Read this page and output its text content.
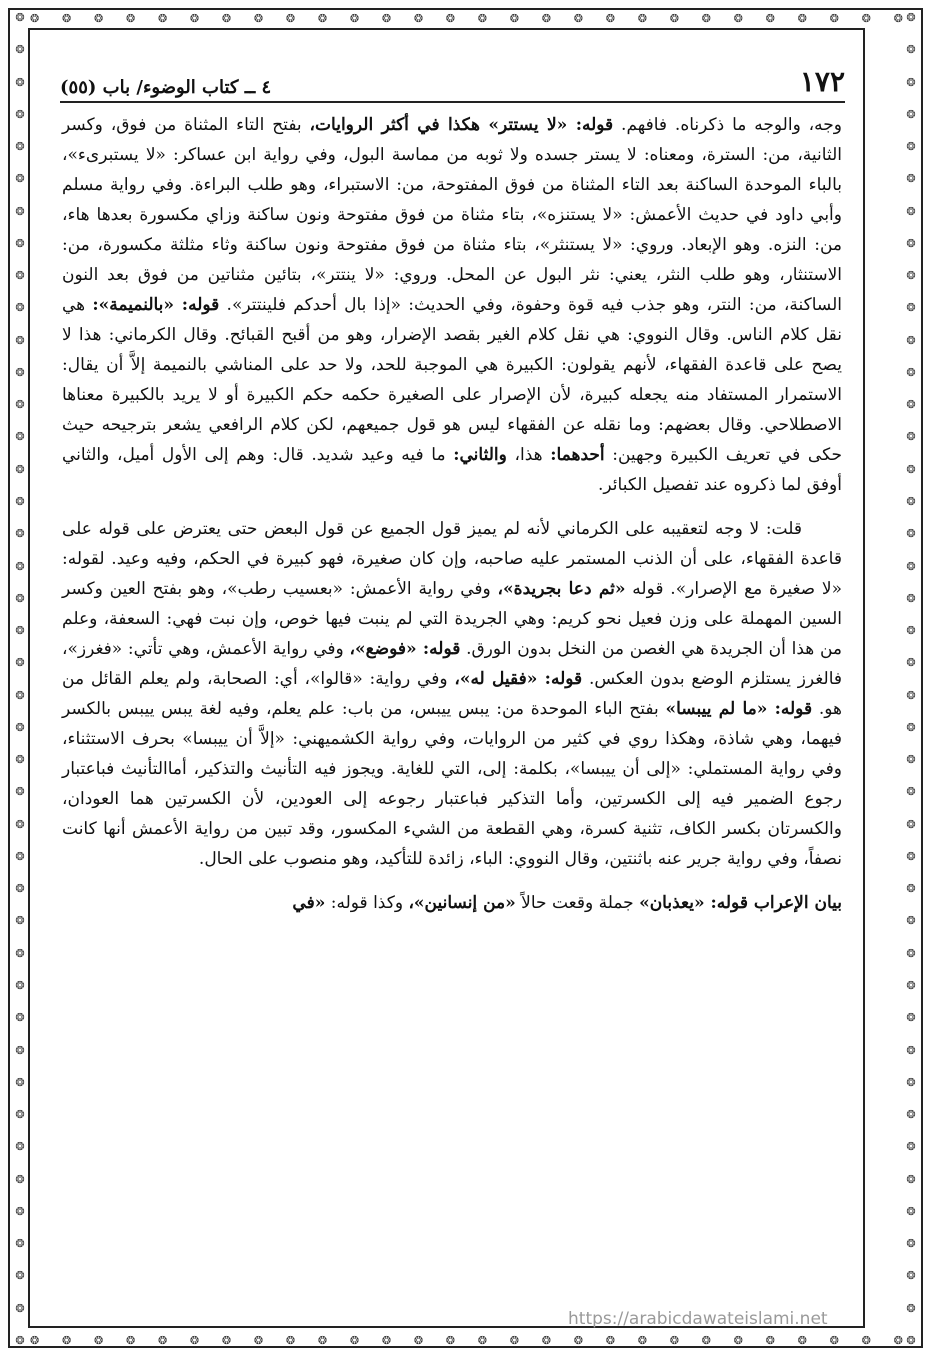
❂
❂
❂
❂
❂
❂
❂
❂
❂
❂
❂
❂
❂
❂
❂
❂
❂
❂
❂
❂
❂
❂
❂
❂
❂
❂
❂
❂
❂
❂
❂
❂
❂
❂
❂
❂
❂
❂
❂
❂
❂
❂
❂
❂
❂
❂
❂
❂
❂
❂
❂
❂
❂
❂
❂
❂
❂
❂
❂
❂
❂
❂
❂
❂
❂
❂
❂
❂
❂
❂
❂
❂
❂
❂
❂
❂
❂
❂
❂
❂
❂
❂
❂
❂
❂ ❂ ❂ ❂ ❂ ❂ ❂ ❂ ❂ ❂ ❂ ❂ ❂ ❂ ❂ ❂ ❂ ❂ ❂ ❂ ❂ ❂ ❂ ❂ ❂ ❂ ❂ ❂
❂ ❂ ❂ ❂ ❂ ❂ ❂ ❂ ❂ ❂ ❂ ❂ ❂ ❂ ❂ ❂ ❂ ❂ ❂ ❂ ❂ ❂ ❂ ❂ ❂ ❂ ❂ ❂
١٧٢
٤ ــ كتاب الوضوء/ باب (٥٥)

وجه، والوجه ما ذكرناه. فافهم. قوله: «لا يستتر» هكذا في أكثر الروايات، بفتح التاء المثناة من فوق، وكسر الثانية، من: السترة، ومعناه: لا يستر جسده ولا ثوبه من مماسة البول، وفي رواية ابن عساكر: «لا يستبرىء»، بالباء الموحدة الساكنة بعد التاء المثناة من فوق المفتوحة، من: الاستبراء، وهو طلب البراءة. وفي رواية مسلم وأبي داود في حديث الأعمش: «لا يستنزه»، بتاء مثناة من فوق مفتوحة ونون ساكنة وزاي مكسورة بعدها هاء، من: النزه. وهو الإبعاد. وروي: «لا يستنثر»، بتاء مثناة من فوق مفتوحة ونون ساكنة وثاء مثلثة مكسورة، من: الاستنثار، وهو طلب النثر، يعني: نثر البول عن المحل. وروي: «لا ينتتر»، بتائين مثناتين من فوق بعد النون الساكنة، من: النتر، وهو جذب فيه قوة وحفوة، وفي الحديث: «إذا بال أحدكم فلينتتر». قوله: «بالنميمة»: هي نقل كلام الناس. وقال النووي: هي نقل كلام الغير بقصد الإضرار، وهو من أقبح القبائح. وقال الكرماني: هذا لا يصح على قاعدة الفقهاء، لأنهم يقولون: الكبيرة هي الموجبة للحد، ولا حد على المناشي بالنميمة إلاَّ أن يقال: الاستمرار المستفاد منه يجعله كبيرة، لأن الإصرار على الصغيرة حكمه حكم الكبيرة أو لا يريد بالكبيرة معناها الاصطلاحي. وقال بعضهم: وما نقله عن الفقهاء ليس هو قول جميعهم، لكن كلام الرافعي يشعر بترجيحه حيث حكى في تعريف الكبيرة وجهين: أحدهما: هذا، والثاني: ما فيه وعيد شديد. قال: وهم إلى الأول أميل، والثاني أوفق لما ذكروه عند تفصيل الكبائر.

قلت: لا وجه لتعقيبه على الكرماني لأنه لم يميز قول الجميع عن قول البعض حتى يعترض على قوله على قاعدة الفقهاء، على أن الذنب المستمر عليه صاحبه، وإن كان صغيرة، فهو كبيرة في الحكم، وفيه وعيد. لقوله: «لا صغيرة مع الإصرار». قوله «ثم دعا بجريدة»، وفي رواية الأعمش: «بعسيب رطب»، وهو بفتح العين وكسر السين المهملة على وزن فعيل نحو كريم: وهي الجريدة التي لم ينبت فيها خوص، وإن نبت فهي: السعفة، وعلم من هذا أن الجريدة هي الغصن من النخل بدون الورق. قوله: «فوضع»، وفي رواية الأعمش، وهي تأتي: «فغرز»، فالغرز يستلزم الوضع بدون العكس. قوله: «فقيل له»، وفي رواية: «قالوا»، أي: الصحابة، ولم يعلم القائل من هو. قوله: «ما لم ييبسا» بفتح الباء الموحدة من: يبس ييبس، من باب: علم يعلم، وفيه لغة يبس ييبس بالكسر فيهما، وهي شاذة، وهكذا روي في كثير من الروايات، وفي رواية الكشميهني: «إلاَّ أن ييبسا» بحرف الاستثناء، وفي رواية المستملي: «إلى أن ييبسا»، بكلمة: إلى، التي للغاية. ويجوز فيه التأنيث والتذكير، أماالتأنيث فباعتبار رجوع الضمير فيه إلى الكسرتين، وأما التذكير فباعتبار رجوعه إلى العودين، لأن الكسرتين هما العودان، والكسرتان بكسر الكاف، تثنية كسرة، وهي القطعة من الشيء المكسور، وقد تبين من رواية الأعمش أنها كانت نصفاً، وفي رواية جرير عنه باثنتين، وقال النووي: الباء، زائدة للتأكيد، وهو منصوب على الحال.

بيان الإعراب قوله: «يعذبان» جملة وقعت حالاً «من إنسانين»، وكذا قوله: «في

https://arabicdawateislami.net
